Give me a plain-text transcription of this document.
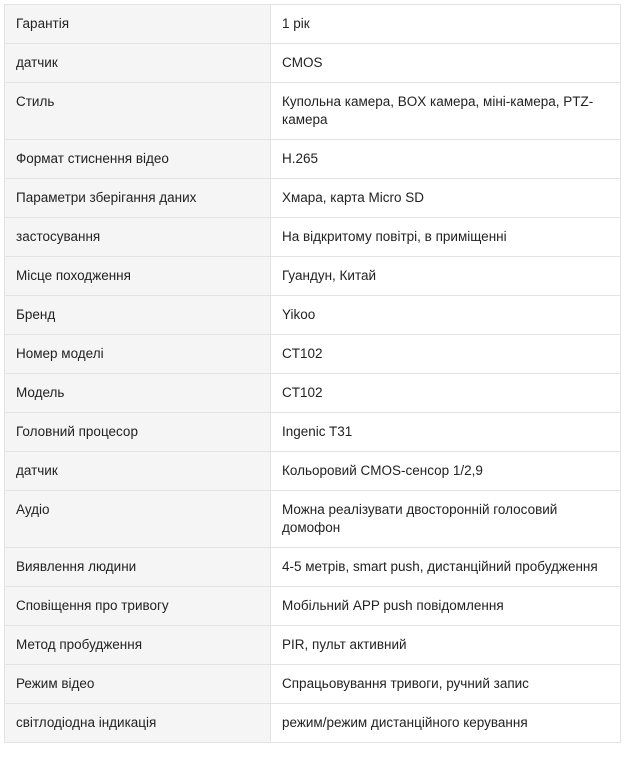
Гарантія	1 рік
датчик	CMOS
Стиль	Купольна камера, BOX камера, міні-камера, PTZ-камера
Формат стиснення відео	H.265
Параметри зберігання даних	Хмара, карта Micro SD
застосування	На відкритому повітрі, в приміщенні
Місце походження	Гуандун, Китай
Бренд	Yikoo
Номер моделі	CT102
Модель	CT102
Головний процесор	Ingenic T31
датчик	Кольоровий CMOS-сенсор 1/2,9
Аудіо	Можна реалізувати двосторонній голосовий домофон
Виявлення людини	4-5 метрів, smart push, дистанційний пробудження
Сповіщення про тривогу	Мобільний APP push повідомлення
Метод пробудження	PIR, пульт активний
Режим відео	Спрацьовування тривоги, ручний запис
світлодіодна індикація	режим/режим дистанційного керування
